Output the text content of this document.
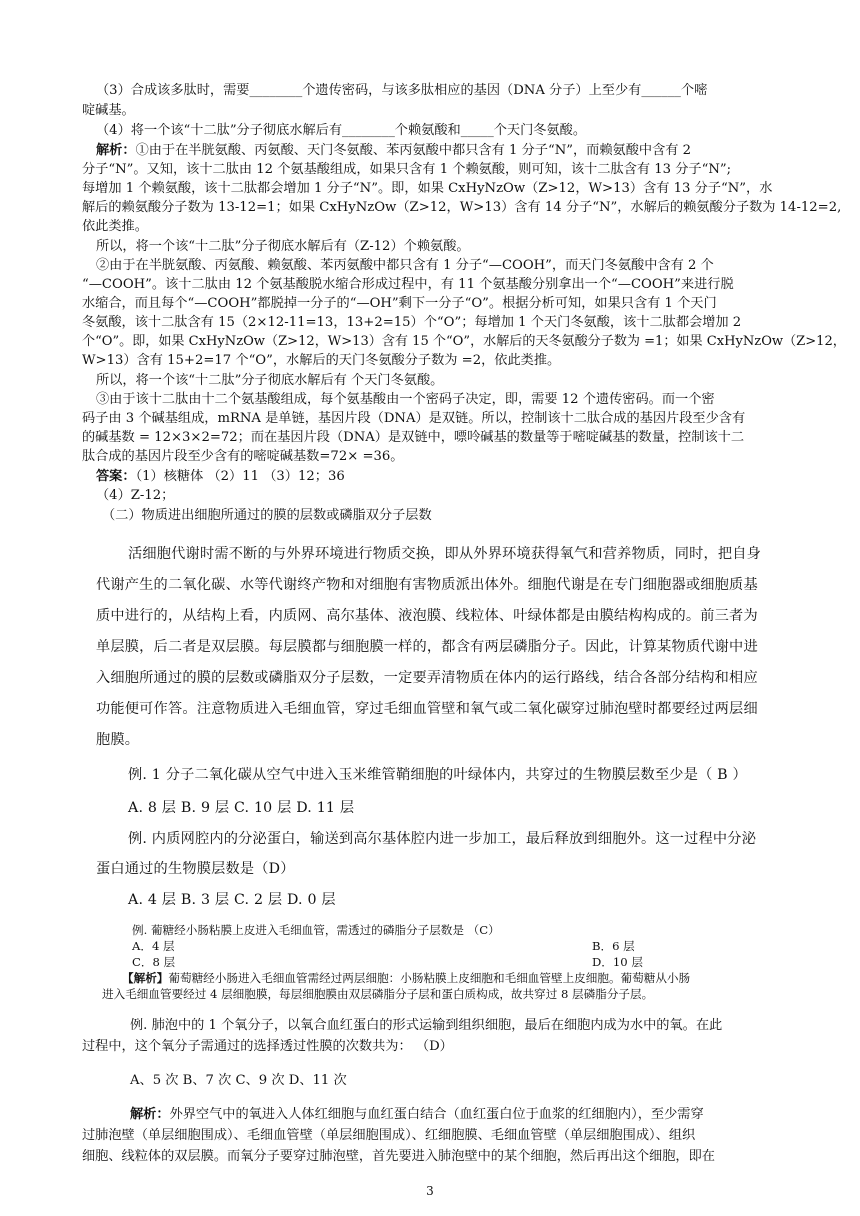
（3）合成该多肽时，需要________个遗传密码，与该多肽相应的基因（DNA 分子）上至少有______个嘧
啶碱基。
（4）将一个该“十二肽”分子彻底水解后有________个赖氨酸和_____个天门冬氨酸。
解析：①由于在半胱氨酸、丙氨酸、天门冬氨酸、苯丙氨酸中都只含有 1 分子“N”，而赖氨酸中含有 2
分子“N”。又知，该十二肽由 12 个氨基酸组成，如果只含有 1 个赖氨酸，则可知，该十二肽含有 13 分子“N”;
每增加 1 个赖氨酸，该十二肽都会增加 1 分子“N”。即，如果 CxHyNzOw（Z>12，W>13）含有 13 分子“N”，水
解后的赖氨酸分子数为 13-12=1；如果 CxHyNzOw（Z>12，W>13）含有 14 分子“N”，水解后的赖氨酸分子数为 14-12=2,
依此类推。
所以，将一个该“十二肽”分子彻底水解后有（Z-12）个赖氨酸。
②由于在半胱氨酸、丙氨酸、赖氨酸、苯丙氨酸中都只含有 1 分子“—COOH”，而天门冬氨酸中含有 2 个
“—COOH”。该十二肽由 12 个氨基酸脱水缩合形成过程中，有 11 个氨基酸分别拿出一个“—COOH”来进行脱
水缩合，而且每个“—COOH”都脱掉一分子的“—OH”剩下一分子“O”。根据分析可知，如果只含有 1 个天门
冬氨酸，该十二肽含有 15（2×12-11=13，13+2=15）个“O”；每增加 1 个天门冬氨酸，该十二肽都会增加 2
个“O”。即，如果 CxHyNzOw（Z>12，W>13）含有 15 个“O”，水解后的天冬氨酸分子数为 =1；如果 CxHyNzOw（Z>12，
W>13）含有 15+2=17 个“O”，水解后的天门冬氨酸分子数为 =2，依此类推。
所以，将一个该“十二肽”分子彻底水解后有 个天门冬氨酸。
③由于该十二肽由十二个氨基酸组成，每个氨基酸由一个密码子决定，即，需要 12 个遗传密码。而一个密
码子由 3 个碱基组成，mRNA 是单链，基因片段（DNA）是双链。所以，控制该十二肽合成的基因片段至少含有
的碱基数 = 12×3×2=72；而在基因片段（DNA）是双链中，嘌呤碱基的数量等于嘧啶碱基的数量，控制该十二
肽合成的基因片段至少含有的嘧啶碱基数=72× =36。
答案：（1）核糖体 （2）11 （3）12；36
（4）Z-12；
（二）物质进出细胞所通过的膜的层数或磷脂双分子层数
活细胞代谢时需不断的与外界环境进行物质交换，即从外界环境获得氧气和营养物质，同时，把自身
代谢产生的二氧化碳、水等代谢终产物和对细胞有害物质派出体外。细胞代谢是在专门细胞器或细胞质基
质中进行的，从结构上看，内质网、高尔基体、液泡膜、线粒体、叶绿体都是由膜结构构成的。前三者为
单层膜，后二者是双层膜。每层膜都与细胞膜一样的，都含有两层磷脂分子。因此，计算某物质代谢中进
入细胞所通过的膜的层数或磷脂双分子层数，一定要弄清物质在体内的运行路线，结合各部分结构和相应
功能便可作答。注意物质进入毛细血管，穿过毛细血管壁和氧气或二氧化碳穿过肺泡壁时都要经过两层细
胞膜。
例. 1 分子二氧化碳从空气中进入玉米维管鞘细胞的叶绿体内，共穿过的生物膜层数至少是（ B ）
A. 8 层 B. 9 层 C. 10 层 D. 11 层
例. 内质网腔内的分泌蛋白，输送到高尔基体腔内进一步加工，最后释放到细胞外。这一过程中分泌
蛋白通过的生物膜层数是（D）
A. 4 层 B. 3 层 C. 2 层 D. 0 层
例. 葡糖经小肠粘膜上皮进入毛细血管，需透过的磷脂分子层数是 （C）
A．4 层	B．6 层
C．8 层	D．10 层
【解析】葡萄糖经小肠进入毛细血管需经过两层细胞：小肠粘膜上皮细胞和毛细血管壁上皮细胞。葡萄糖从小肠
进入毛细血管要经过 4 层细胞膜，每层细胞膜由双层磷脂分子层和蛋白质构成，故共穿过 8 层磷脂分子层。
例. 肺泡中的 1 个氧分子，以氧合血红蛋白的形式运输到组织细胞，最后在细胞内成为水中的氧。在此
过程中，这个氧分子需通过的选择透过性膜的次数共为： （D）
A、5 次 B、7 次 C、9 次 D、11 次
解析：外界空气中的氧进入人体红细胞与血红蛋白结合（血红蛋白位于血浆的红细胞内），至少需穿
过肺泡壁（单层细胞围成）、毛细血管壁（单层细胞围成）、红细胞膜、毛细血管壁（单层细胞围成）、组织
细胞、线粒体的双层膜。而氧分子要穿过肺泡壁，首先要进入肺泡壁中的某个细胞，然后再出这个细胞，即在
3
